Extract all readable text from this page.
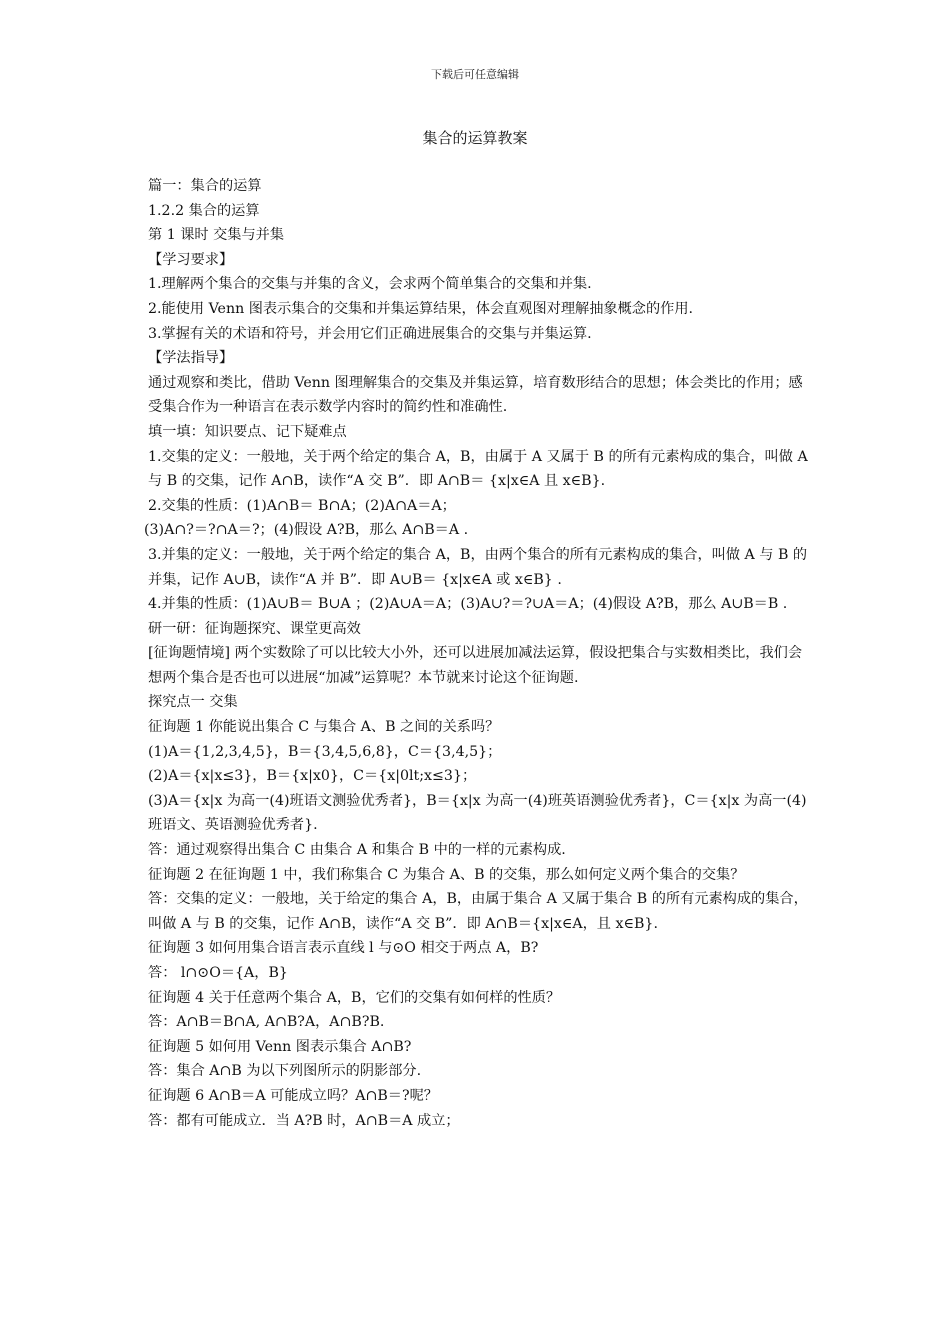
下载后可任意编辑
集合的运算教案

篇一：集合的运算

1.2.2 集合的运算

第 1 课时 交集与并集

【学习要求】

1.理解两个集合的交集与并集的含义，会求两个简单集合的交集和并集.

2.能使用 Venn 图表示集合的交集和并集运算结果，体会直观图对理解抽象概念的作用.

3.掌握有关的术语和符号，并会用它们正确进展集合的交集与并集运算.

【学法指导】

通过观察和类比，借助 Venn 图理解集合的交集及并集运算，培育数形结合的思想；体会类比的作用；感受集合作为一种语言在表示数学内容时的简约性和准确性.

填一填：知识要点、记下疑难点

1.交集的定义：一般地，关于两个给定的集合 A，B，由属于 A 又属于 B 的所有元素构成的集合，叫做 A 与 B 的交集，记作 A∩B，读作“A 交 B”．即 A∩B＝ {x|x∈A 且 x∈B}.

2.交集的性质：(1)A∩B＝ B∩A；(2)A∩A＝A；

(3)A∩?＝?∩A＝?；(4)假设 A?B，那么 A∩B＝A .

3.并集的定义：一般地，关于两个给定的集合 A，B，由两个集合的所有元素构成的集合，叫做 A 与 B 的并集，记作 A∪B，读作“A 并 B”．即 A∪B＝ {x|x∈A 或 x∈B} .

4.并集的性质：(1)A∪B＝ B∪A ；(2)A∪A＝A；(3)A∪?＝?∪A＝A；(4)假设 A?B，那么 A∪B＝B .

研一研：征询题探究、课堂更高效

[征询题情境] 两个实数除了可以比较大小外，还可以进展加减法运算，假设把集合与实数相类比，我们会想两个集合是否也可以进展“加减”运算呢？本节就来讨论这个征询题.

探究点一 交集

征询题 1 你能说出集合 C 与集合 A、B 之间的关系吗？

(1)A＝{1,2,3,4,5}，B＝{3,4,5,6,8}，C＝{3,4,5}；

(2)A＝{x|x≤3}，B＝{x|x0}，C＝{x|0lt;x≤3}；

(3)A＝{x|x 为高一(4)班语文测验优秀者}，B＝{x|x 为高一(4)班英语测验优秀者}，C＝{x|x 为高一(4)班语文、英语测验优秀者}.

答：通过观察得出集合 C 由集合 A 和集合 B 中的一样的元素构成.

征询题 2 在征询题 1 中，我们称集合 C 为集合 A、B 的交集，那么如何定义两个集合的交集？

答：交集的定义：一般地，关于给定的集合 A，B，由属于集合 A 又属于集合 B 的所有元素构成的集合，叫做 A 与 B 的交集，记作 A∩B，读作“A 交 B”．即 A∩B＝{x|x∈A，且 x∈B}.

征询题 3 如何用集合语言表示直线 l 与⊙O 相交于两点 A，B?

答： l∩⊙O＝{A，B}

征询题 4 关于任意两个集合 A，B，它们的交集有如何样的性质？

答：A∩B＝B∩A, A∩B?A，A∩B?B.

征询题 5 如何用 Venn 图表示集合 A∩B?

答：集合 A∩B 为以下列图所示的阴影部分.

征询题 6 A∩B＝A 可能成立吗？A∩B＝?呢？

答：都有可能成立．当 A?B 时，A∩B＝A 成立；
